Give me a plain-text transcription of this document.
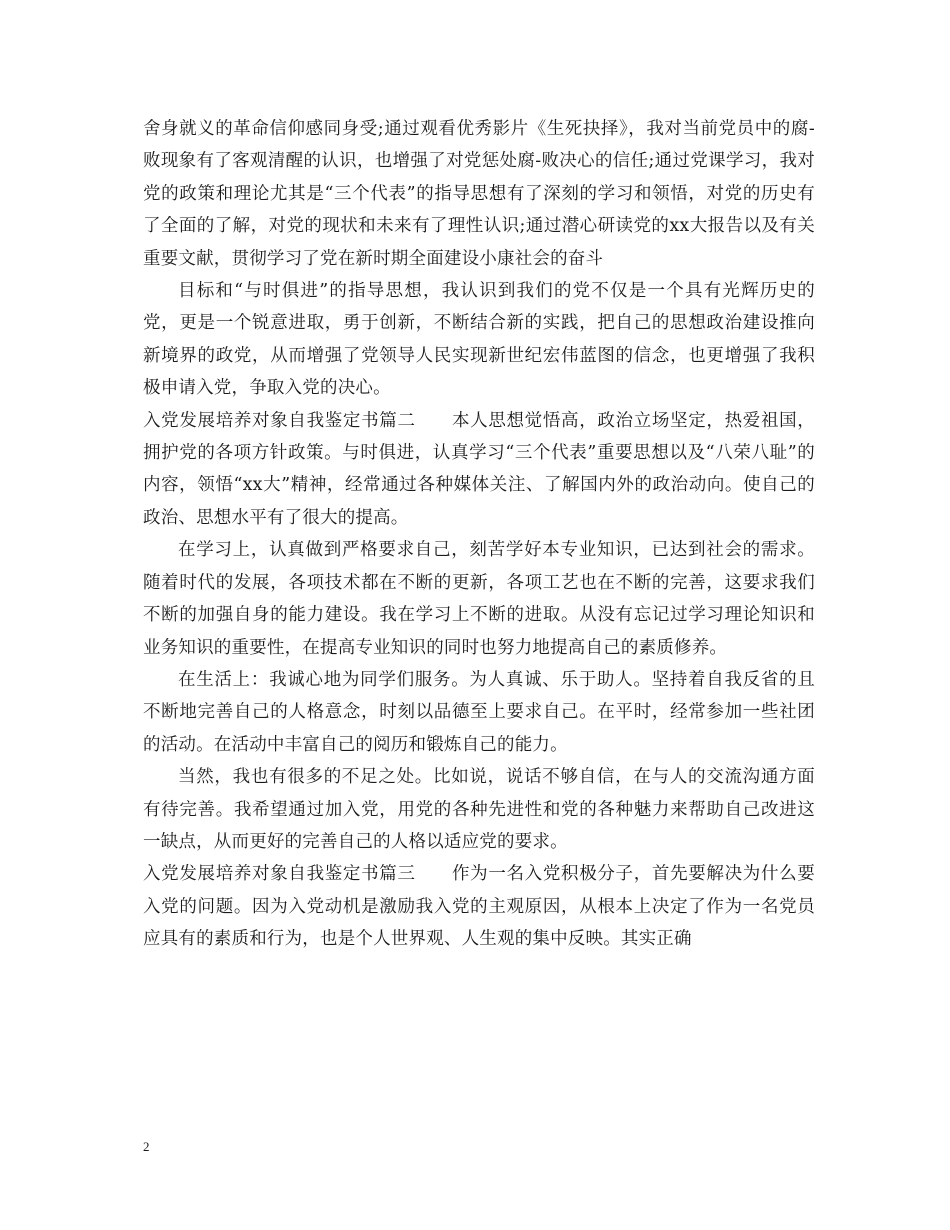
舍身就义的革命信仰感同身受;通过观看优秀影片《生死抉择》，我对当前党员中的腐-败现象有了客观清醒的认识，也增强了对党惩处腐-败决心的信任;通过党课学习，我对党的政策和理论尤其是“三个代表”的指导思想有了深刻的学习和领悟，对党的历史有了全面的了解，对党的现状和未来有了理性认识;通过潜心研读党的xx大报告以及有关重要文献，贯彻学习了党在新时期全面建设小康社会的奋斗

目标和“与时俱进”的指导思想，我认识到我们的党不仅是一个具有光辉历史的党，更是一个锐意进取，勇于创新，不断结合新的实践，把自己的思想政治建设推向新境界的政党，从而增强了党领导人民实现新世纪宏伟蓝图的信念，也更增强了我积极申请入党，争取入党的决心。

入党发展培养对象自我鉴定书篇二　　本人思想觉悟高，政治立场坚定，热爱祖国，拥护党的各项方针政策。与时俱进，认真学习“三个代表”重要思想以及“八荣八耻”的内容，领悟“xx大”精神，经常通过各种媒体关注、了解国内外的政治动向。使自己的政治、思想水平有了很大的提高。

在学习上，认真做到严格要求自己，刻苦学好本专业知识，已达到社会的需求。随着时代的发展，各项技术都在不断的更新，各项工艺也在不断的完善，这要求我们不断的加强自身的能力建设。我在学习上不断的进取。从没有忘记过学习理论知识和业务知识的重要性，在提高专业知识的同时也努力地提高自己的素质修养。

在生活上：我诚心地为同学们服务。为人真诚、乐于助人。坚持着自我反省的且不断地完善自己的人格意念，时刻以品德至上要求自己。在平时，经常参加一些社团的活动。在活动中丰富自己的阅历和锻炼自己的能力。

当然，我也有很多的不足之处。比如说，说话不够自信，在与人的交流沟通方面有待完善。我希望通过加入党，用党的各种先进性和党的各种魅力来帮助自己改进这一缺点，从而更好的完善自己的人格以适应党的要求。

入党发展培养对象自我鉴定书篇三　　作为一名入党积极分子，首先要解决为什么要入党的问题。因为入党动机是激励我入党的主观原因，从根本上决定了作为一名党员应具有的素质和行为，也是个人世界观、人生观的集中反映。其实正确

2
